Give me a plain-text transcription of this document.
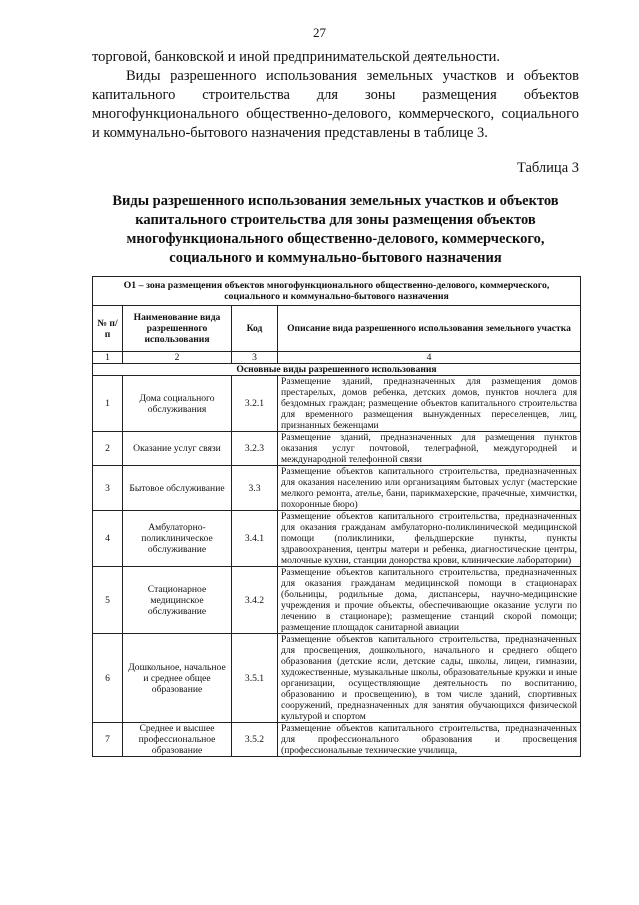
27

торговой, банковской и иной предпринимательской деятельности.

Виды разрешенного использования земельных участков и объектов капитального строительства для зоны размещения объектов многофункционального общественно-делового, коммерческого, социального и коммунально-бытового назначения представлены в таблице 3.

Таблица 3
Виды разрешенного использования земельных участков и объектов капитального строительства для зоны размещения объектов многофункционального общественно-делового, коммерческого, социального и коммунально-бытового назначения
О1 – зона размещения объектов многофункционального общественно-делового, коммерческого, социального и коммунально-бытового назначения			
№ п/п	Наименование вида разрешенного использования	Код	Описание вида разрешенного использования земельного участка
1	2	3	4
Основные виды разрешенного использования			
1	Дома социального обслуживания	3.2.1	Размещение зданий, предназначенных для размещения домов престарелых, домов ребенка, детских домов, пунктов ночлега для бездомных граждан; размещение объектов капитального строительства для временного размещения вынужденных переселенцев, лиц, признанных беженцами
2	Оказание услуг связи	3.2.3	Размещение зданий, предназначенных для размещения пунктов оказания услуг почтовой, телеграфной, междугородней и международной телефонной связи
3	Бытовое обслуживание	3.3	Размещение объектов капитального строительства, предназначенных для оказания населению или организациям бытовых услуг (мастерские мелкого ремонта, ателье, бани, парикмахерские, прачечные, химчистки, похоронные бюро)
4	Амбулаторно-поликлиническое обслуживание	3.4.1	Размещение объектов капитального строительства, предназначенных для оказания гражданам амбулаторно-поликлинической медицинской помощи (поликлиники, фельдшерские пункты, пункты здравоохранения, центры матери и ребенка, диагностические центры, молочные кухни, станции донорства крови, клинические лаборатории)
5	Стационарное медицинское обслуживание	3.4.2	Размещение объектов капитального строительства, предназначенных для оказания гражданам медицинской помощи в стационарах (больницы, родильные дома, диспансеры, научно-медицинские учреждения и прочие объекты, обеспечивающие оказание услуги по лечению в стационаре); размещение станций скорой помощи; размещение площадок санитарной авиации
6	Дошкольное, начальное и среднее общее образование	3.5.1	Размещение объектов капитального строительства, предназначенных для просвещения, дошкольного, начального и среднего общего образования (детские ясли, детские сады, школы, лицеи, гимназии, художественные, музыкальные школы, образовательные кружки и иные организации, осуществляющие деятельность по воспитанию, образованию и просвещению), в том числе зданий, спортивных сооружений, предназначенных для занятия обучающихся физической культурой и спортом
7	Среднее и высшее профессиональное образование	3.5.2	Размещение объектов капитального строительства, предназначенных для профессионального образования и просвещения (профессиональные технические училища,
